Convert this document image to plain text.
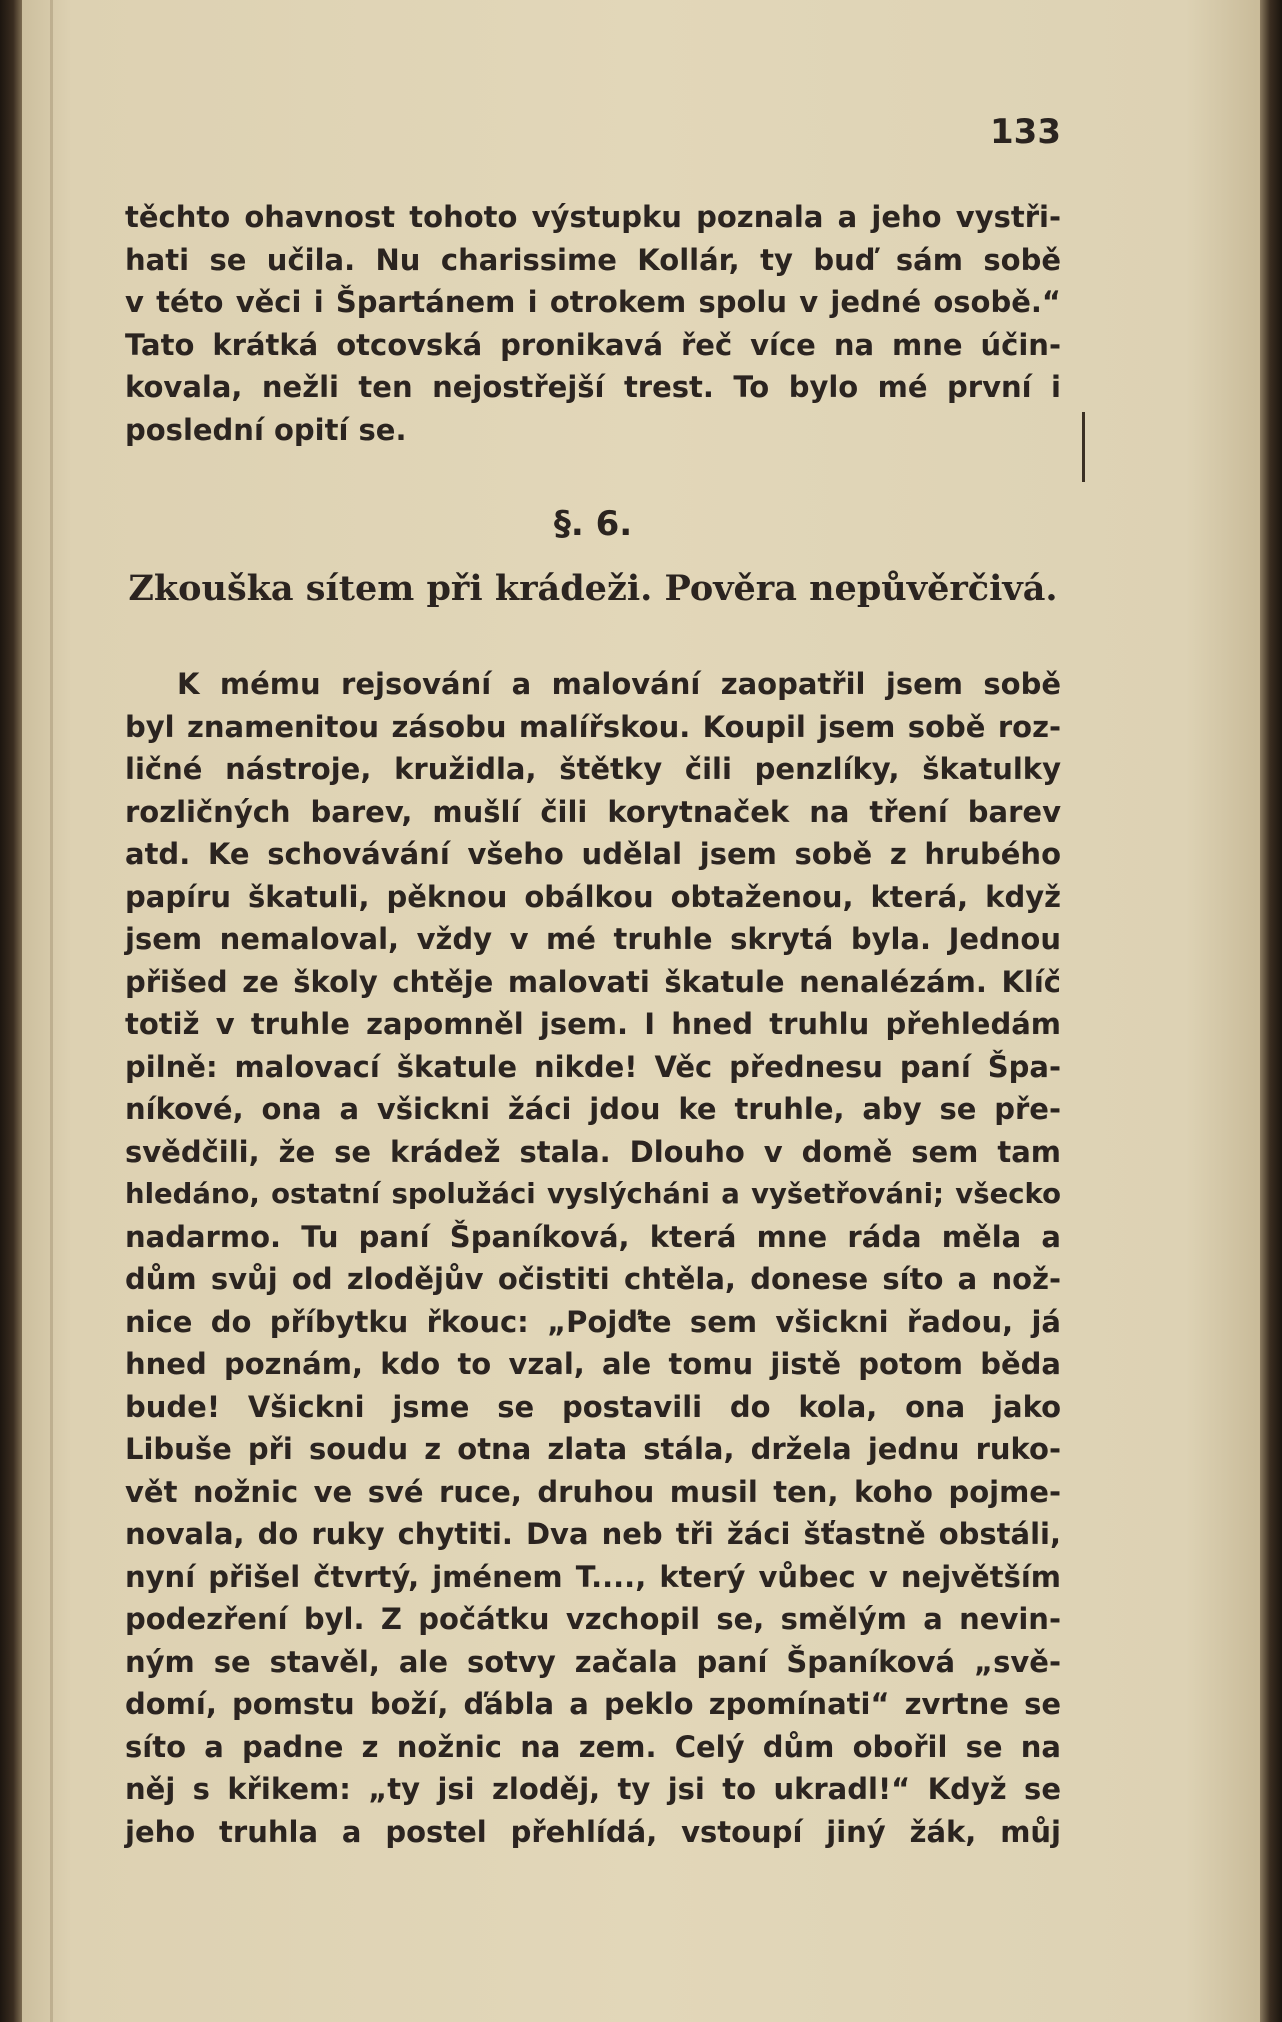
133
těchto ohavnost tohoto výstupku poznala a jeho vystři-
hati se učila. Nu charissime Kollár, ty buď sám sobě
v této věci i Špartánem i otrokem spolu v jedné osobě.“
Tato krátká otcovská pronikavá řeč více na mne účin-
kovala, nežli ten nejostřejší trest. To bylo mé první i
poslední opití se.
§. 6.
Zkouška sítem při krádeži. Pověra nepůvěrčivá.
K mému rejsování a malování zaopatřil jsem sobě
byl znamenitou zásobu malířskou. Koupil jsem sobě roz-
ličné nástroje, kružidla, štětky čili penzlíky, škatulky
rozličných barev, mušlí čili korytnaček na tření barev
atd. Ke schovávání všeho udělal jsem sobě z hrubého
papíru škatuli, pěknou obálkou obtaženou, která, když
jsem nemaloval, vždy v mé truhle skrytá byla. Jednou
přišed ze školy chtěje malovati škatule nenalézám. Klíč
totiž v truhle zapomněl jsem. I hned truhlu přehledám
pilně: malovací škatule nikde! Věc přednesu paní Špa-
níkové, ona a všickni žáci jdou ke truhle, aby se pře-
svědčili, že se krádež stala. Dlouho v domě sem tam
hledáno, ostatní spolužáci vyslýcháni a vyšetřováni; všecko
nadarmo. Tu paní Španíková, která mne ráda měla a
dům svůj od zlodějův očistiti chtěla, donese síto a nož-
nice do příbytku řkouc: „Pojďte sem všickni řadou, já
hned poznám, kdo to vzal, ale tomu jistě potom běda
bude! Všickni jsme se postavili do kola, ona jako
Libuše při soudu z otna zlata stála, držela jednu ruko-
vět nožnic ve své ruce, druhou musil ten, koho pojme-
novala, do ruky chytiti. Dva neb tři žáci šťastně obstáli,
nyní přišel čtvrtý, jménem T...., který vůbec v největším
podezření byl. Z počátku vzchopil se, smělým a nevin-
ným se stavěl, ale sotvy začala paní Španíková „svě-
domí, pomstu boží, ďábla a peklo zpomínati“ zvrtne se
síto a padne z nožnic na zem. Celý dům obořil se na
něj s křikem: „ty jsi zloděj, ty jsi to ukradl!“ Když se
jeho truhla a postel přehlídá, vstoupí jiný žák, můj
